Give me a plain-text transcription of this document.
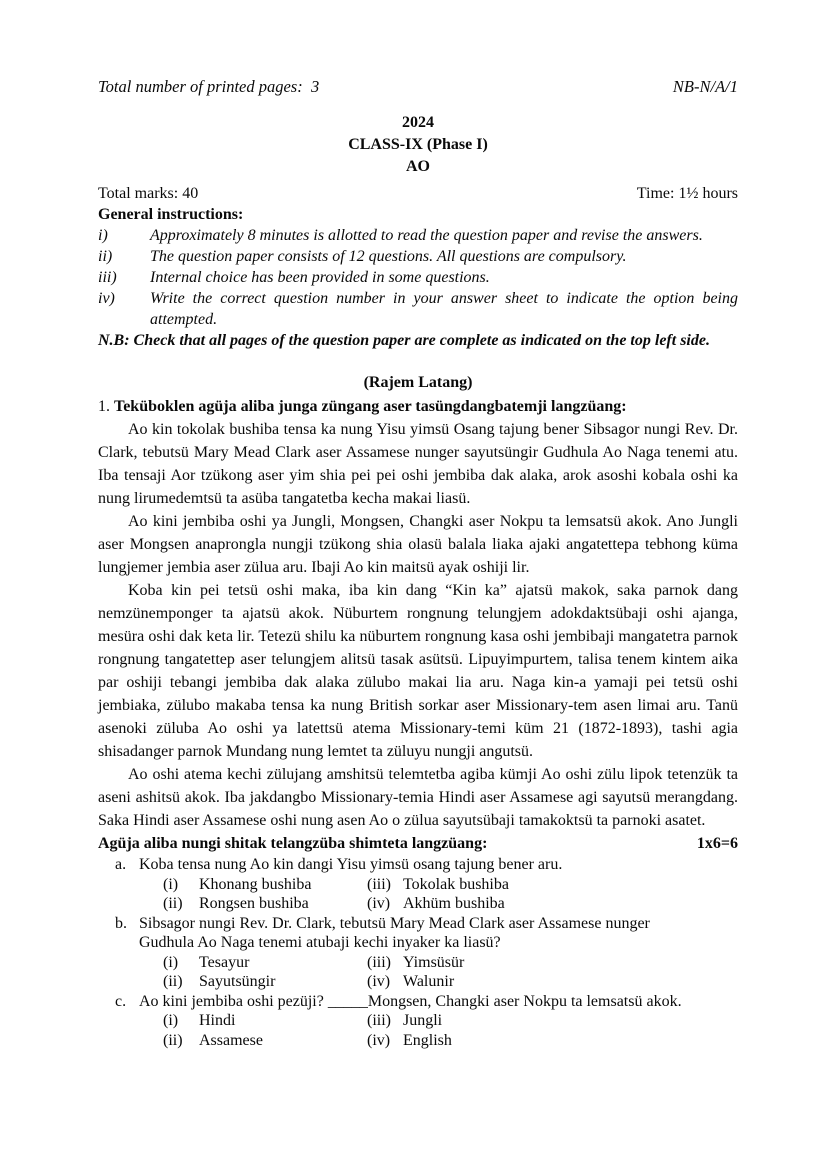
Total number of printed pages:  3	NB-N/A/1
2024
CLASS-IX (Phase I)
AO
Total marks: 40	Time: 1½ hours
General instructions:
i)	Approximately 8 minutes is allotted to read the question paper and revise the answers.
ii)	The question paper consists of 12 questions. All questions are compulsory.
iii)	Internal choice has been provided in some questions.
iv)	Write the correct question number in your answer sheet to indicate the option being attempted.
N.B: Check that all pages of the question paper are complete as indicated on the top left side.
(Rajem Latang)
1. Teküboklen agüja aliba junga züngang aser tasüngdangbatemji langzüang:

Ao kin tokolak bushiba tensa ka nung Yisu yimsü Osang tajung bener Sibsagor nungi Rev. Dr. Clark, tebutsü Mary Mead Clark aser Assamese nunger sayutsüngir Gudhula Ao Naga tenemi atu. Iba tensaji Aor tzükong aser yim shia pei pei oshi jembiba dak alaka, arok asoshi kobala oshi ka nung lirumedemtsü ta asüba tangatetba kecha makai liasü.

Ao kini jembiba oshi ya Jungli, Mongsen, Changki aser Nokpu ta lemsatsü akok. Ano Jungli aser Mongsen anaprongla nungji tzükong shia olasü balala liaka ajaki angatettepa tebhong küma lungjemer jembia aser zülua aru. Ibaji Ao kin maitsü ayak oshiji lir.

Koba kin pei tetsü oshi maka, iba kin dang “Kin ka” ajatsü makok, saka parnok dang nemzünemponger ta ajatsü akok. Nüburtem rongnung telungjem adokdaktsübaji oshi ajanga, mesüra oshi dak keta lir. Tetezü shilu ka nüburtem rongnung kasa oshi jembibaji mangatetra parnok rongnung tangatettep aser telungjem alitsü tasak asütsü. Lipuyimpurtem, talisa tenem kintem aika par oshiji tebangi jembiba dak alaka zülubo makai lia aru. Naga kin-a yamaji pei tetsü oshi jembiaka, zülubo makaba tensa ka nung British sorkar aser Missionary-tem asen limai aru. Tanü asenoki züluba Ao oshi ya latettsü atema Missionary-temi küm 21 (1872-1893), tashi agia shisadanger parnok Mundang nung lemtet ta züluyu nungji angutsü.

Ao oshi atema kechi zülujang amshitsü telemtetba agiba kümji Ao oshi zülu lipok tetenzük ta aseni ashitsü akok. Iba jakdangbo Missionary-temia Hindi aser Assamese agi sayutsü merangdang. Saka Hindi aser Assamese oshi nung asen Ao o zülua sayutsübaji tamakoktsü ta parnoki asatet.

Agüja aliba nungi shitak telangzüba shimteta langzüang:	1x6=6
a. Koba tensa nung Ao kin dangi Yisu yimsü osang tajung bener aru.
(i)	Khonang bushiba	(iii) Tokolak bushiba
(ii)	Rongsen bushiba	(iv) Akhüm bushiba
b. Sibsagor nungi Rev. Dr. Clark, tebutsü Mary Mead Clark aser Assamese nunger Gudhula Ao Naga tenemi atubaji kechi inyaker ka liasü?
(i)	Tesayur	(iii) Yimsüsür
(ii)	Sayutsüngir	(iv) Walunir
c. Ao kini jembiba oshi pezüji? _____Mongsen, Changki aser Nokpu ta lemsatsü akok.
(i)	Hindi	(iii) Jungli
(ii)	Assamese	(iv) English
